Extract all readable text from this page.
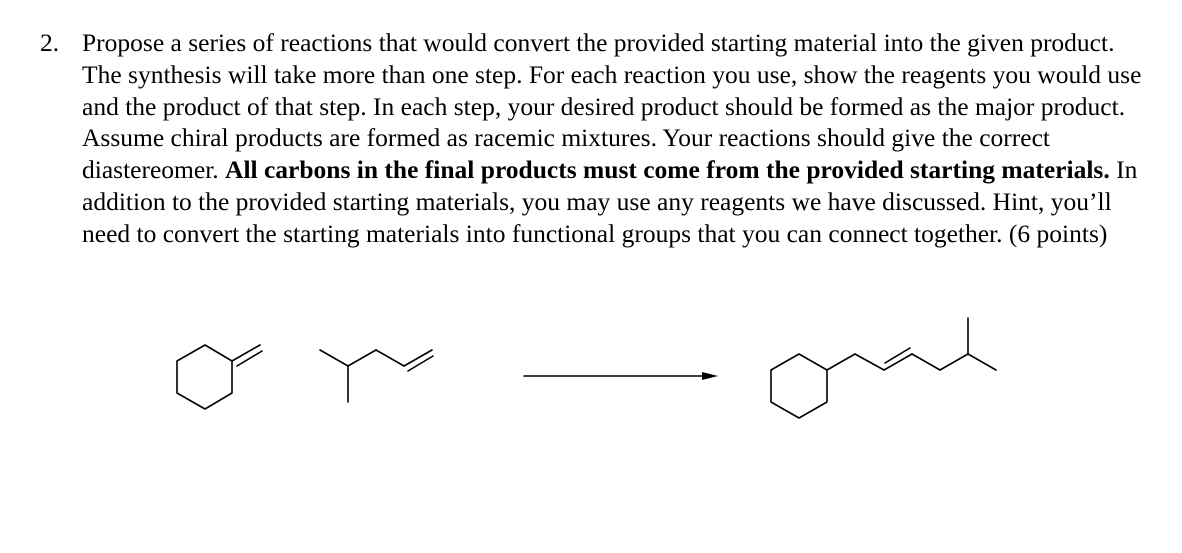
2. Propose a series of reactions that would convert the provided starting material into the given product. The synthesis will take more than one step. For each reaction you use, show the reagents you would use and the product of that step. In each step, your desired product should be formed as the major product. Assume chiral products are formed as racemic mixtures. Your reactions should give the correct diastereomer. All carbons in the final products must come from the provided starting materials. In addition to the provided starting materials, you may use any reagents we have discussed. Hint, you’ll need to convert the starting materials into functional groups that you can connect together. (6 points)
